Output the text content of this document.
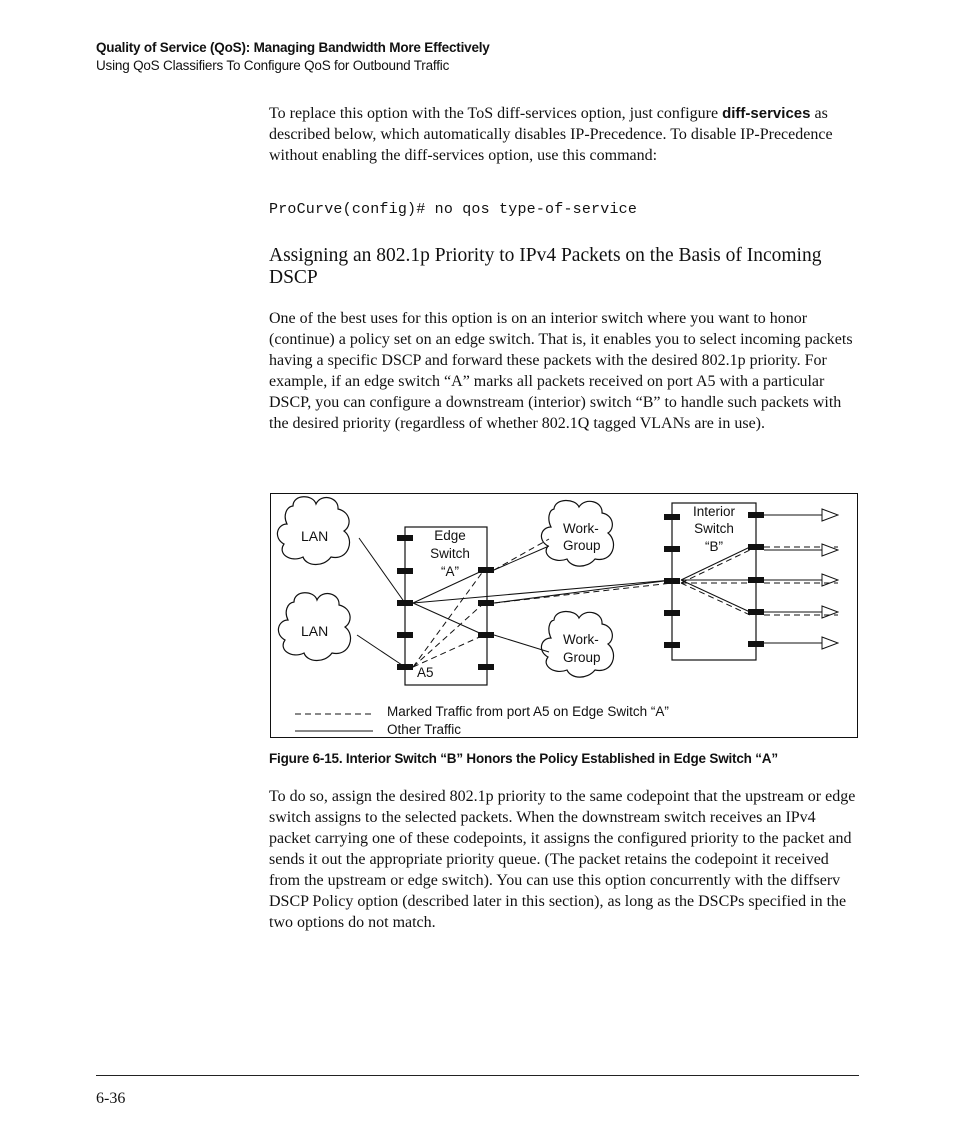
Quality of Service (QoS): Managing Bandwidth More Effectively
Using QoS Classifiers To Configure QoS for Outbound Traffic

To replace this option with the ToS diff-services option, just configure diff-services as described below, which automatically disables IP-Precedence. To disable IP-Precedence without enabling the diff-services option, use this command:

ProCurve(config)# no qos type-of-service
Assigning an 802.1p Priority to IPv4 Packets on the Basis of Incoming DSCP

One of the best uses for this option is on an interior switch where you want to honor (continue) a policy set on an edge switch. That is, it enables you to select incoming packets having a specific DSCP and forward these packets with the desired 802.1p priority. For example, if an edge switch “A” marks all packets received on port A5 with a particular DSCP, you can configure a downstream (interior) switch “B” to handle such packets with the desired priority (regardless of whether 802.1Q tagged VLANs are in use).

LAN
LAN
Edge
Switch
“A”
Work-
Group
Work-
Group
Interior
Switch
“B”
A5
Marked Traffic from port A5 on Edge Switch “A”
Other Traffic
Figure 6-15. Interior Switch “B” Honors the Policy Established in Edge Switch “A”

To do so, assign the desired 802.1p priority to the same codepoint that the upstream or edge switch assigns to the selected packets. When the downstream switch receives an IPv4 packet carrying one of these codepoints, it assigns the configured priority to the packet and sends it out the appropriate priority queue. (The packet retains the codepoint it received from the upstream or edge switch). You can use this option concurrently with the diffserv DSCP Policy option (described later in this section), as long as the DSCPs specified in the two options do not match.

6-36
